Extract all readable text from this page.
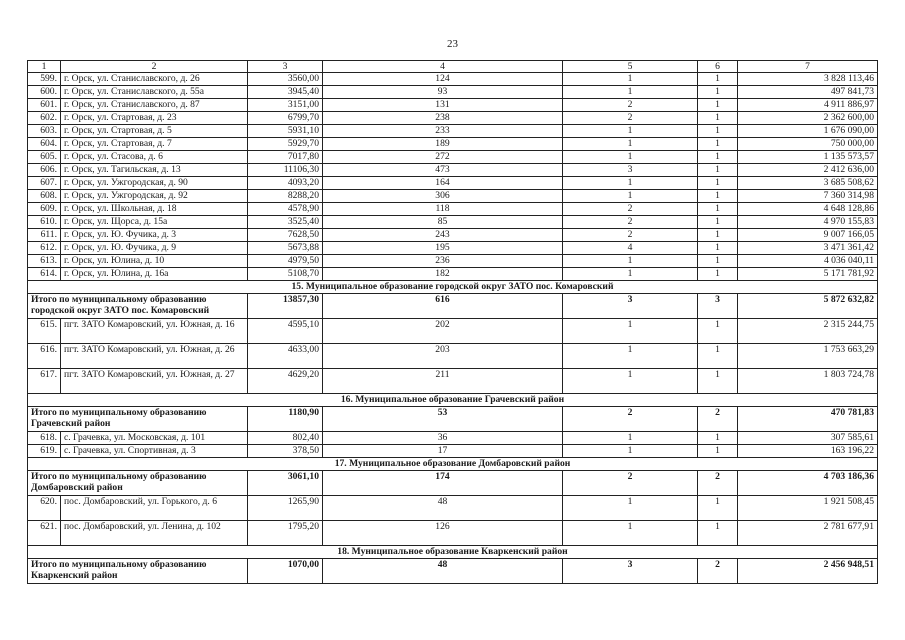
23
1	2	3	4	5	6	7
599.	г. Орск, ул. Станиславского, д. 26	3560,00	124	1	1	3 828 113,46
600.	г. Орск, ул. Станиславского, д. 55а	3945,40	93	1	1	497 841,73
601.	г. Орск, ул. Станиславского, д. 87	3151,00	131	2	1	4 911 886,97
602.	г. Орск, ул. Стартовая, д. 23	6799,70	238	2	1	2 362 600,00
603.	г. Орск, ул. Стартовая, д. 5	5931,10	233	1	1	1 676 090,00
604.	г. Орск, ул. Стартовая, д. 7	5929,70	189	1	1	750 000,00
605.	г. Орск, ул. Стасова, д. 6	7017,80	272	1	1	1 135 573,57
606.	г. Орск, ул. Тагильская, д. 13	11106,30	473	3	1	2 412 636,00
607.	г. Орск, ул. Ужгородская, д. 90	4093,20	164	1	1	3 685 508,62
608.	г. Орск, ул. Ужгородская, д. 92	8288,20	306	1	1	7 360 314,98
609.	г. Орск, ул. Школьная, д. 18	4578,90	118	2	1	4 648 128,86
610.	г. Орск, ул. Щорса, д. 15а	3525,40	85	2	1	4 970 155,83
611.	г. Орск, ул. Ю. Фучика, д. 3	7628,50	243	2	1	9 007 166,05
612.	г. Орск, ул. Ю. Фучика, д. 9	5673,88	195	4	1	3 471 361,42
613.	г. Орск, ул. Юлина, д. 10	4979,50	236	1	1	4 036 040,11
614.	г. Орск, ул. Юлина, д. 16а	5108,70	182	1	1	5 171 781,92
15. Муниципальное образование городской округ ЗАТО пос. Комаровский						
Итого по муниципальному образованию городской округ ЗАТО пос. Комаровский		13857,30	616	3	3	5 872 632,82
615.	пгт. ЗАТО Комаровский, ул. Южная, д. 16	4595,10	202	1	1	2 315 244,75
616.	пгт. ЗАТО Комаровский, ул. Южная, д. 26	4633,00	203	1	1	1 753 663,29
617.	пгт. ЗАТО Комаровский, ул. Южная, д. 27	4629,20	211	1	1	1 803 724,78
16. Муниципальное образование Грачевский район						
Итого по муниципальному образованию Грачевский район		1180,90	53	2	2	470 781,83
618.	с. Грачевка, ул. Московская, д. 101	802,40	36	1	1	307 585,61
619.	с. Грачевка, ул. Спортивная, д. 3	378,50	17	1	1	163 196,22
17. Муниципальное образование Домбаровский район						
Итого по муниципальному образованию Домбаровский район		3061,10	174	2	2	4 703 186,36
620.	пос. Домбаровский, ул. Горького, д. 6	1265,90	48	1	1	1 921 508,45
621.	пос. Домбаровский, ул. Ленина, д. 102	1795,20	126	1	1	2 781 677,91
18. Муниципальное образование Кваркенский район						
Итого по муниципальному образованию Кваркенский район		1070,00	48	3	2	2 456 948,51
